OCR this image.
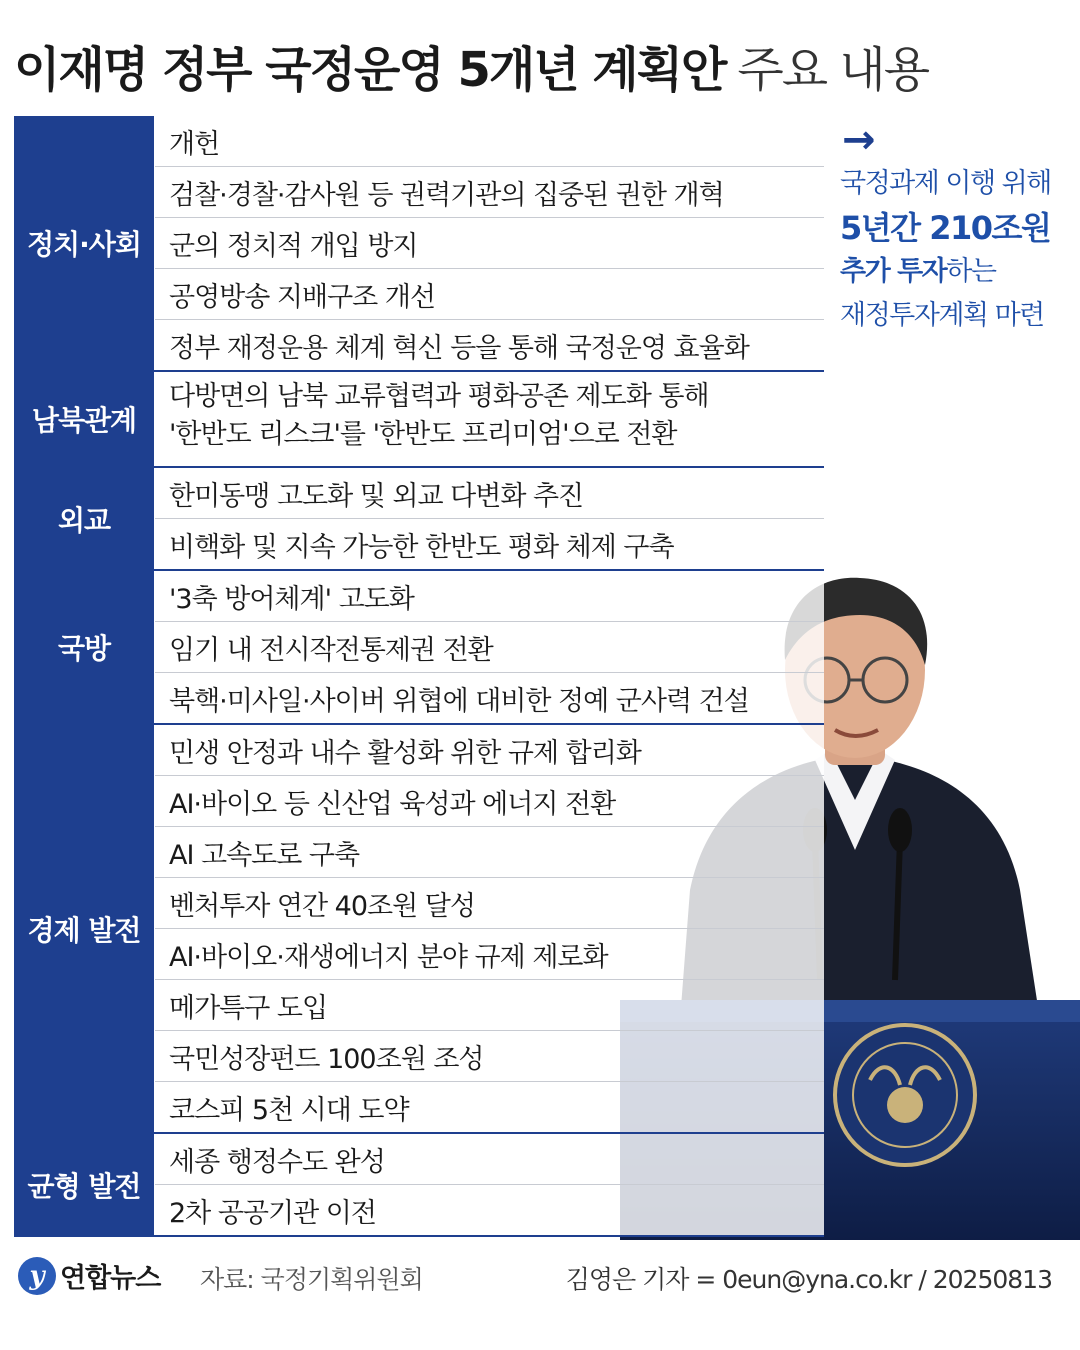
이재명 정부 국정운영 5개년 계획안 주요 내용
정치·사회
개헌
검찰·경찰·감사원 등 권력기관의 집중된 권한 개혁
군의 정치적 개입 방지
공영방송 지배구조 개선
정부 재정운용 체계 혁신 등을 통해 국정운영 효율화
남북관계
다방면의 남북 교류협력과 평화공존 제도화 통해
'한반도 리스크'를 '한반도 프리미엄'으로 전환
외교
한미동맹 고도화 및 외교 다변화 추진
비핵화 및 지속 가능한 한반도 평화 체제 구축
국방
'3축 방어체계' 고도화
임기 내 전시작전통제권 전환
북핵·미사일·사이버 위협에 대비한 정예 군사력 건설
경제 발전
민생 안정과 내수 활성화 위한 규제 합리화
AI·바이오 등 신산업 육성과 에너지 전환
AI 고속도로 구축
벤처투자 연간 40조원 달성
AI·바이오·재생에너지 분야 규제 제로화
메가특구 도입
국민성장펀드 100조원 조성
코스피 5천 시대 도약
균형 발전
세종 행정수도 완성
2차 공공기관 이전
→
국정과제 이행 위해
5년간 210조원
추가 투자하는
재정투자계획 마련
y 연합뉴스 자료: 국정기획위원회	김영은 기자 = 0eun@yna.co.kr / 20250813
